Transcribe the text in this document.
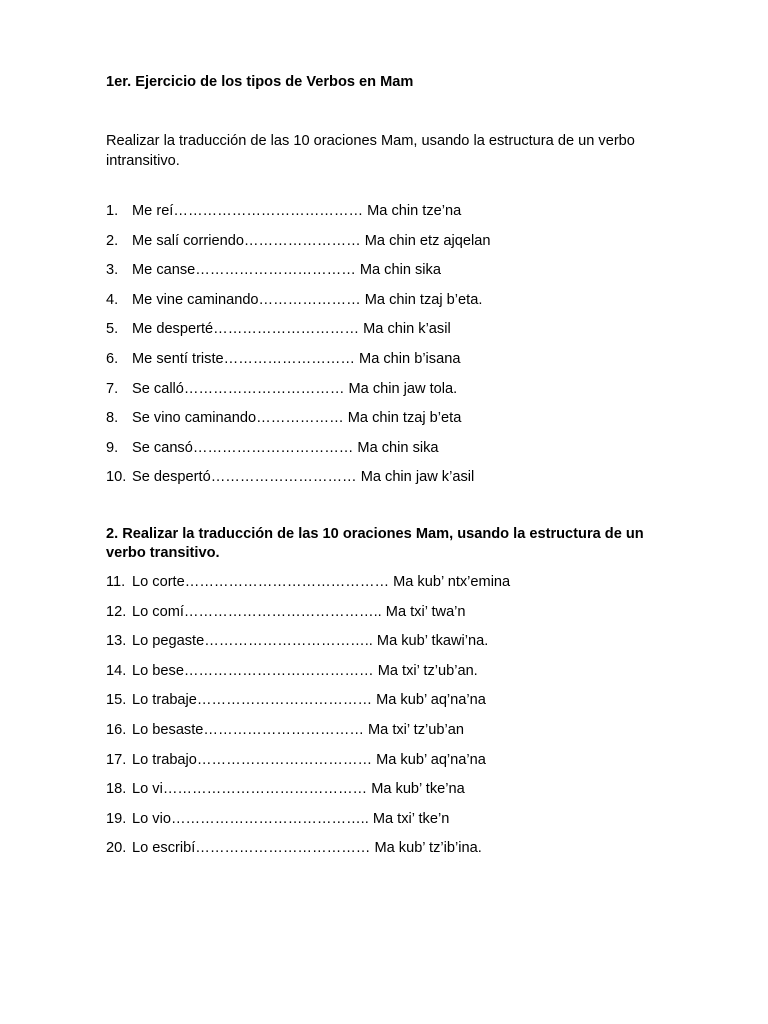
1er. Ejercicio de los tipos de Verbos en Mam

Realizar la traducción de las 10 oraciones Mam, usando la estructura de un verbo intransitivo.
1. Me reí………………………………… Ma chin tze’na
2. Me salí corriendo…………………… Ma chin etz ajqelan
3. Me canse…………………………… Ma chin sika
4. Me vine caminando………………… Ma chin tzaj b’eta.
5. Me desperté………………………… Ma chin k’asil
6. Me sentí triste……………………… Ma chin b’isana
7. Se calló…………………………… Ma chin jaw tola.
8. Se vino caminando……………… Ma chin tzaj b’eta
9. Se cansó…………………………… Ma chin sika
10. Se despertó………………………… Ma chin jaw k’asil
2. Realizar la traducción de las 10 oraciones Mam, usando la estructura de un verbo transitivo.
11. Lo corte…………………………………… Ma kub’ ntx’emina
12. Lo comí………………………………….. Ma txi’ twa’n
13. Lo pegaste…………………………….. Ma kub’ tkawi’na.
14. Lo bese………………………………… Ma txi’ tz’ub’an.
15. Lo trabaje……………………………… Ma kub’ aq’na’na
16. Lo besaste…………………………… Ma txi’ tz’ub’an
17. Lo trabajo……………………………… Ma kub’ aq’na’na
18. Lo vi…………………………………… Ma kub’ tke’na
19. Lo vio………………………………….. Ma txi’ tke’n
20. Lo escribí……………………………… Ma kub’ tz’ib’ina.
